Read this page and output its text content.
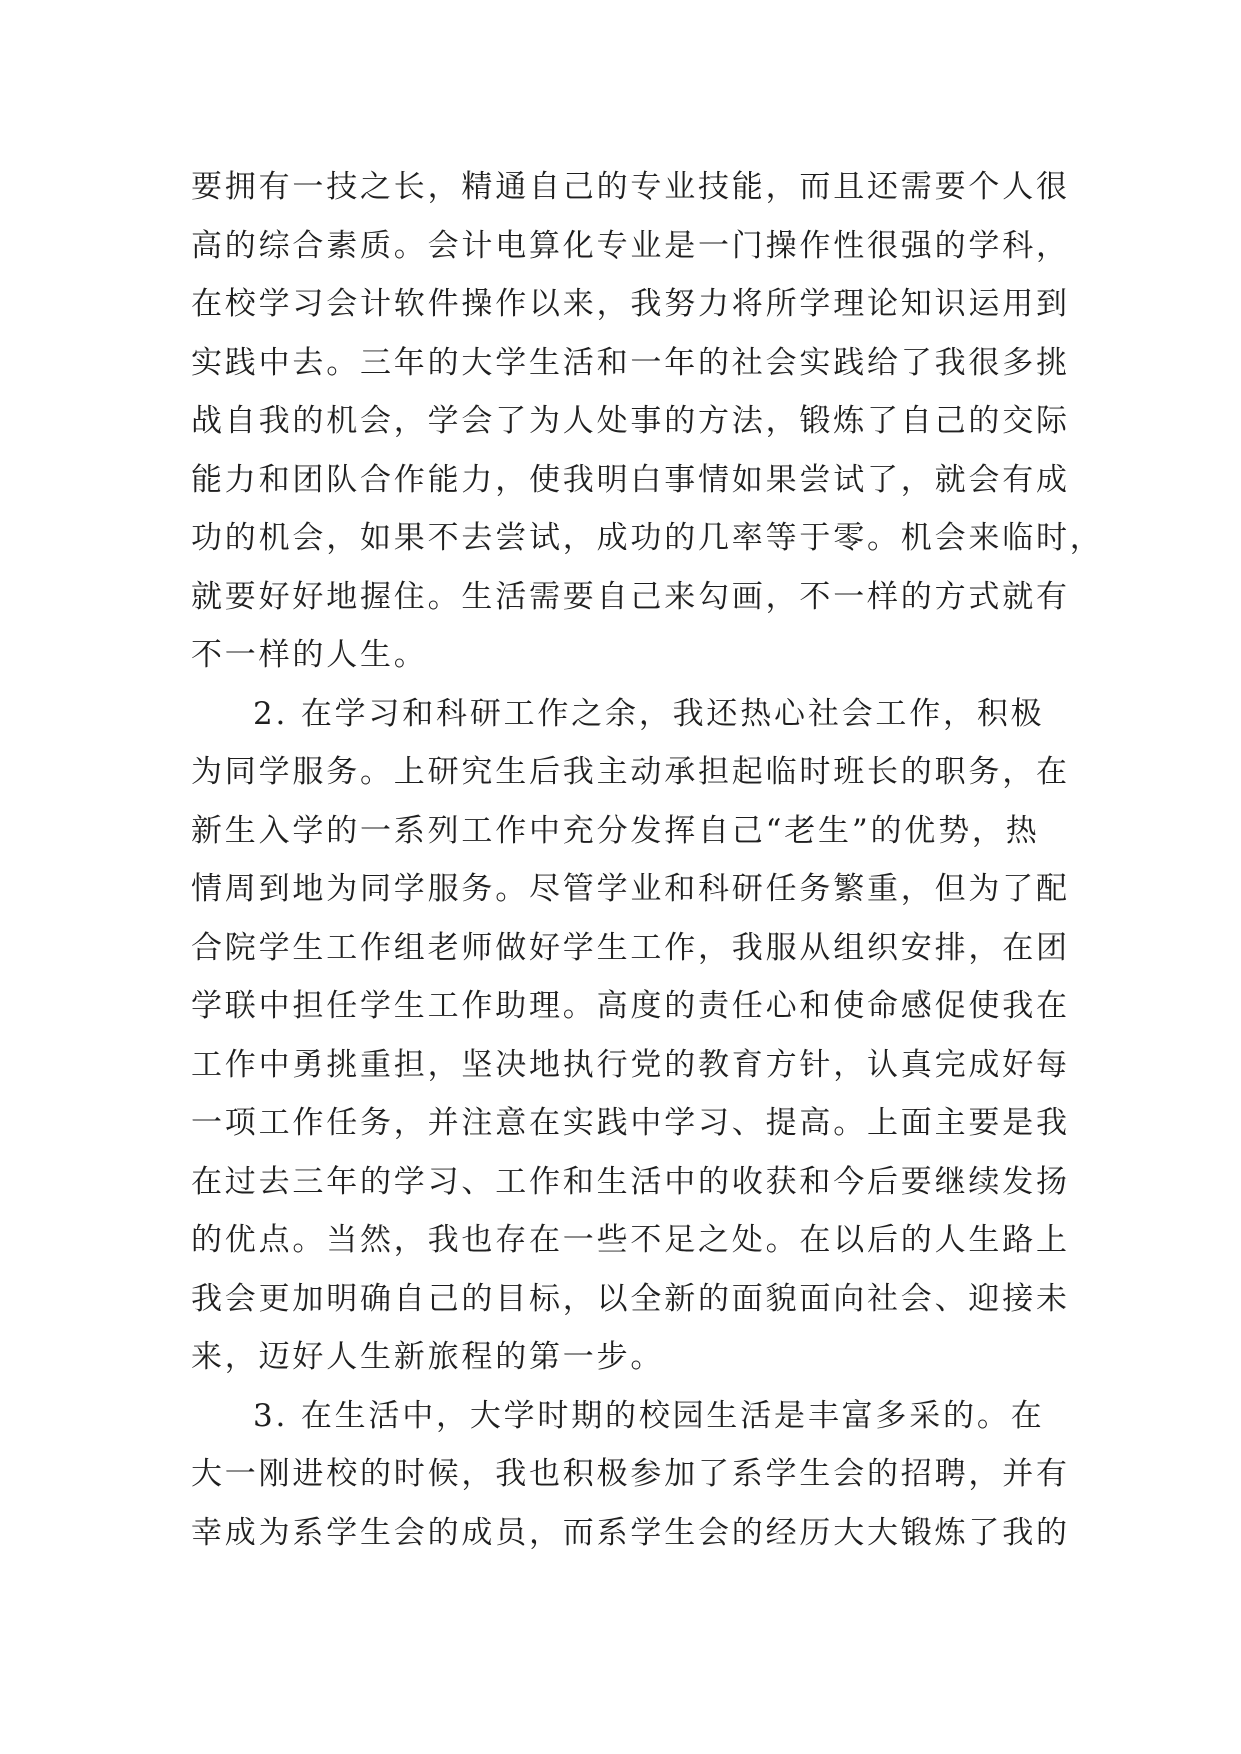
要拥有一技之长，精通自己的专业技能，而且还需要个人很
高的综合素质。会计电算化专业是一门操作性很强的学科，
在校学习会计软件操作以来，我努力将所学理论知识运用到
实践中去。三年的大学生活和一年的社会实践给了我很多挑
战自我的机会，学会了为人处事的方法，锻炼了自己的交际
能力和团队合作能力，使我明白事情如果尝试了，就会有成
功的机会，如果不去尝试，成功的几率等于零。机会来临时，
就要好好地握住。生活需要自己来勾画，不一样的方式就有
不一样的人生。
2. 在学习和科研工作之余，我还热心社会工作，积极
为同学服务。上研究生后我主动承担起临时班长的职务，在
新生入学的一系列工作中充分发挥自己“老生”的优势，热
情周到地为同学服务。尽管学业和科研任务繁重，但为了配
合院学生工作组老师做好学生工作，我服从组织安排，在团
学联中担任学生工作助理。高度的责任心和使命感促使我在
工作中勇挑重担，坚决地执行党的教育方针，认真完成好每
一项工作任务，并注意在实践中学习、提高。上面主要是我
在过去三年的学习、工作和生活中的收获和今后要继续发扬
的优点。当然，我也存在一些不足之处。在以后的人生路上
我会更加明确自己的目标，以全新的面貌面向社会、迎接未
来，迈好人生新旅程的第一步。
3. 在生活中，大学时期的校园生活是丰富多采的。在
大一刚进校的时候，我也积极参加了系学生会的招聘，并有
幸成为系学生会的成员，而系学生会的经历大大锻炼了我的
